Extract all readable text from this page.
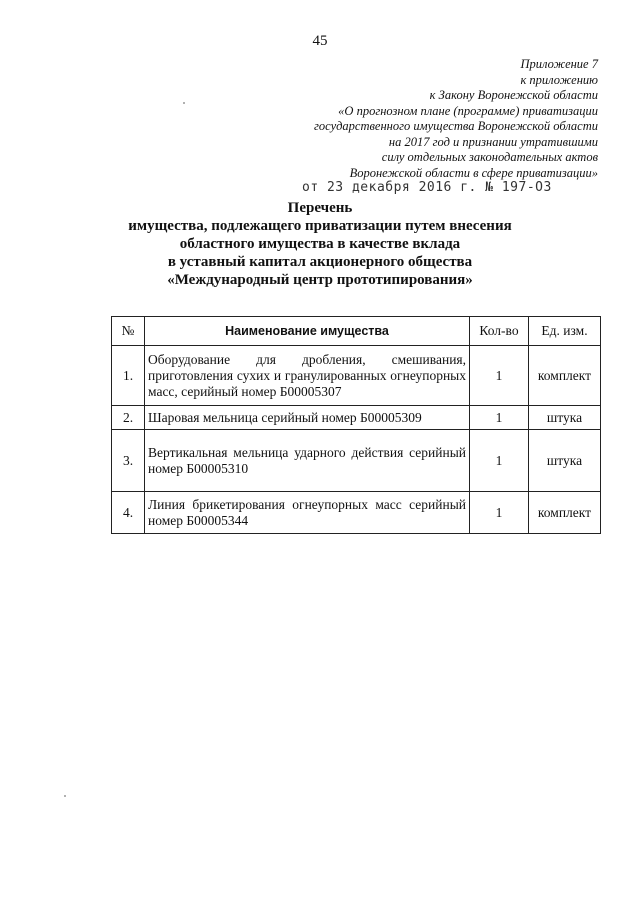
45
Приложение 7
к приложению
к Закону Воронежской области
«О прогнозном плане (программе) приватизации
государственного имущества Воронежской области
на 2017 год и признании утратившими
силу отдельных законодательных актов
Воронежской области в сфере приватизации»
от 23 декабря 2016 г. № 197-ОЗ
Перечень
имущества, подлежащего приватизации путем внесения
областного имущества в качестве вклада
в уставный капитал акционерного общества
«Международный центр прототипирования»
№	Наименование имущества	Кол-во	Ед. изм.
1.	Оборудование для дробления, смешивания, приготовления сухих и гранулированных огнеупорных масс, серийный номер Б00005307	1	комплект
2.	Шаровая мельница серийный номер Б00005309	1	штука
3.	Вертикальная мельница ударного действия серийный номер Б00005310	1	штука
4.	Линия брикетирования огнеупорных масс серийный номер Б00005344	1	комплект
